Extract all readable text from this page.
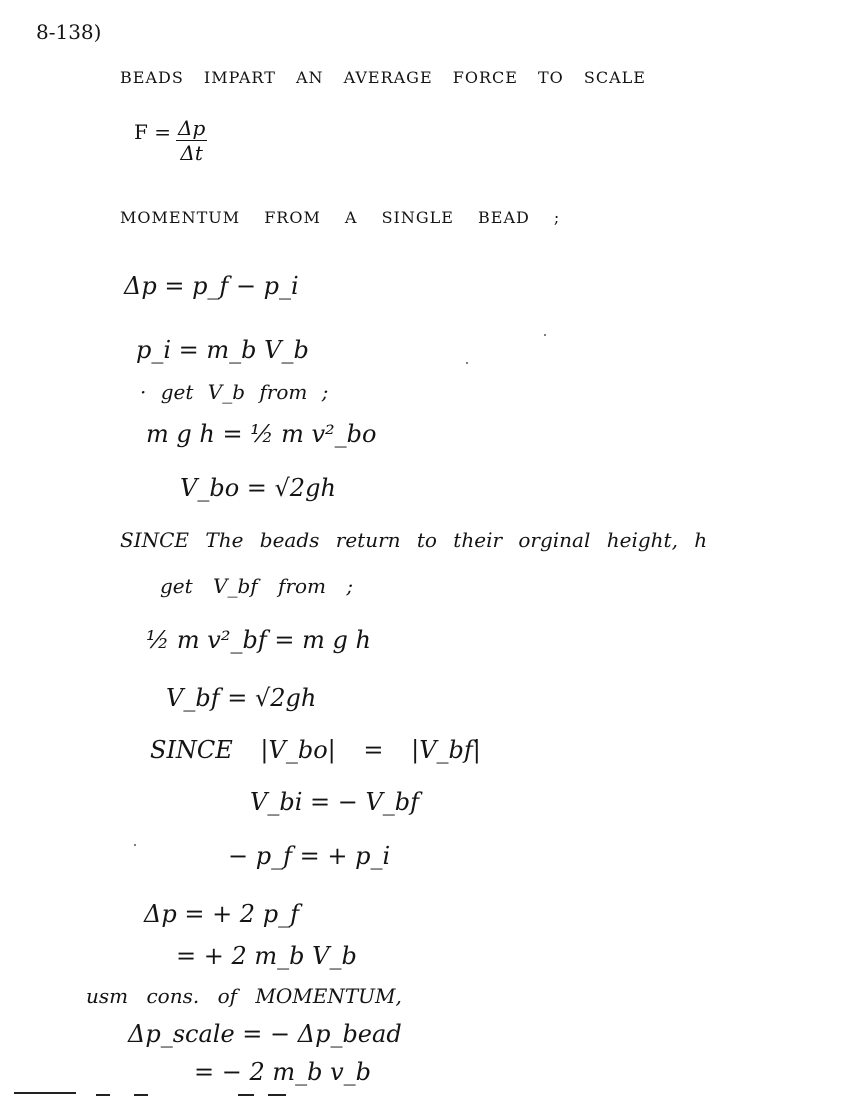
8-138)
BEADS IMPART AN AVERAGE FORCE TO SCALE
$F = \frac{\Delta p}{\Delta t}$
MOMENTUM FROM A SINGLE BEAD ;
Δp = p_f − p_i
p_i = m_b V_b
· get V_b from ;
m g h = ½ m v²_bo
V_bo = √2gh
SINCE The beads return to their orginal height, h
get V_bf from ;
½ m v²_bf = m g h
V_bf = √2gh
SINCE |V_bo| = |V_bf|
V_bi = − V_bf
− p_f = + p_i
Δp = + 2 p_f
= + 2 m_b V_b
usm cons. of MOMENTUM,
Δp_scale = − Δp_bead
= − 2 m_b v_b
